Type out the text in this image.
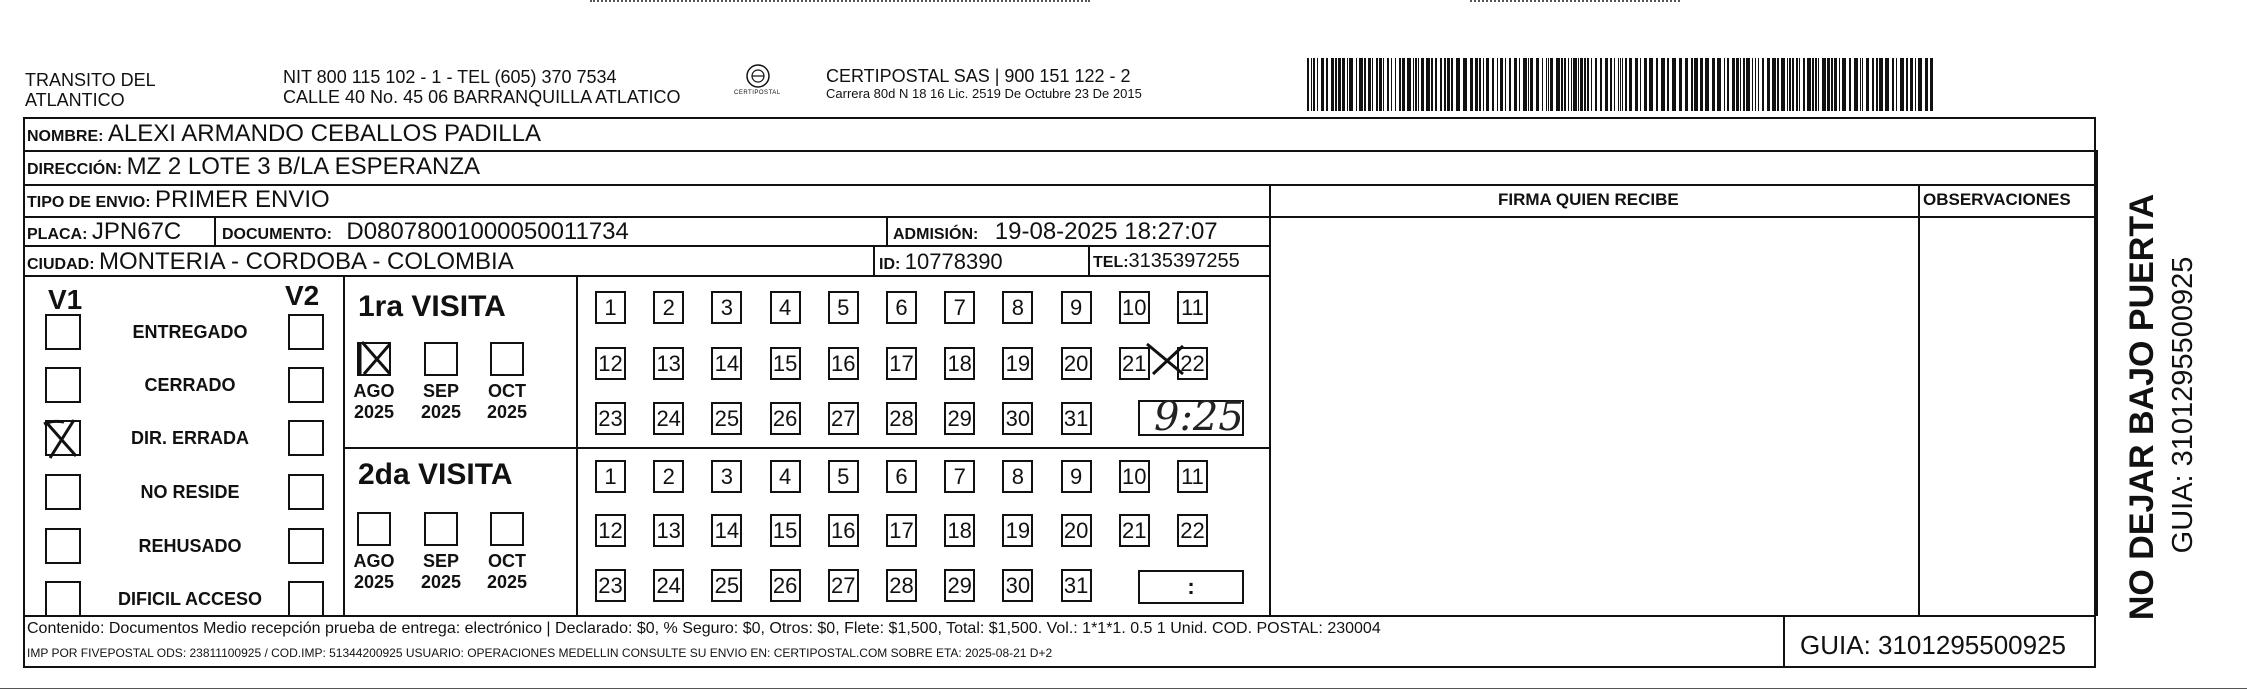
TRANSITO DEL
ATLANTICO
NIT 800 115 102 - 1 - TEL (605) 370 7534
CALLE 40 No. 45 06 BARRANQUILLA ATLATICO	CERTIPOSTAL
CERTIPOSTAL SAS | 900 151 122 - 2
Carrera 80d N 18 16 Lic. 2519 De Octubre 23 De 2015
NOMBRE: ALEXI ARMANDO CEBALLOS PADILLA
DIRECCIÓN: MZ 2 LOTE 3 B/LA ESPERANZA
TIPO DE ENVIO: PRIMER ENVIO	FIRMA QUIEN RECIBE	OBSERVACIONES
PLACA: JPN67C	DOCUMENTO: D08078001000050011734	ADMISIÓN: 19-08-2025 18:27:07
CIUDAD: MONTERIA - CORDOBA - COLOMBIA	ID: 10778390	TEL:3135397255
V1	V2
ENTREGADO
CERRADO
DIR. ERRADA
NO RESIDE
REHUSADO
DIFICIL ACCESO
1ra VISITA
2da VISITA
AGO
2025
SEP
2025
OCT
2025
AGO
2025
SEP
2025
OCT
2025
1	2	3	4	5	6	7	8	9	10 11
12 13 14 15 16 17 18 19 20 21 22
23 24 25 26 27 28 29 30 31
1	2	3	4	5	6	7	8	9	10 11
12 13 14 15 16 17 18 19 20 21 22
23 24 25 26 27 28 29 30 31
9:25
:
Contenido: Documentos Medio recepción prueba de entrega: electrónico | Declarado: $0, % Seguro: $0, Otros: $0, Flete: $1,500, Total: $1,500. Vol.: 1*1*1. 0.5 1 Unid. COD. POSTAL: 230004
IMP POR FIVEPOSTAL ODS: 23811100925 / COD.IMP: 51344200925 USUARIO: OPERACIONES MEDELLIN CONSULTE SU ENVIO EN: CERTIPOSTAL.COM SOBRE ETA: 2025-08-21 D+2	GUIA: 3101295500925
NO DEJAR BAJO PUERTA GUIA: 3101295500925
